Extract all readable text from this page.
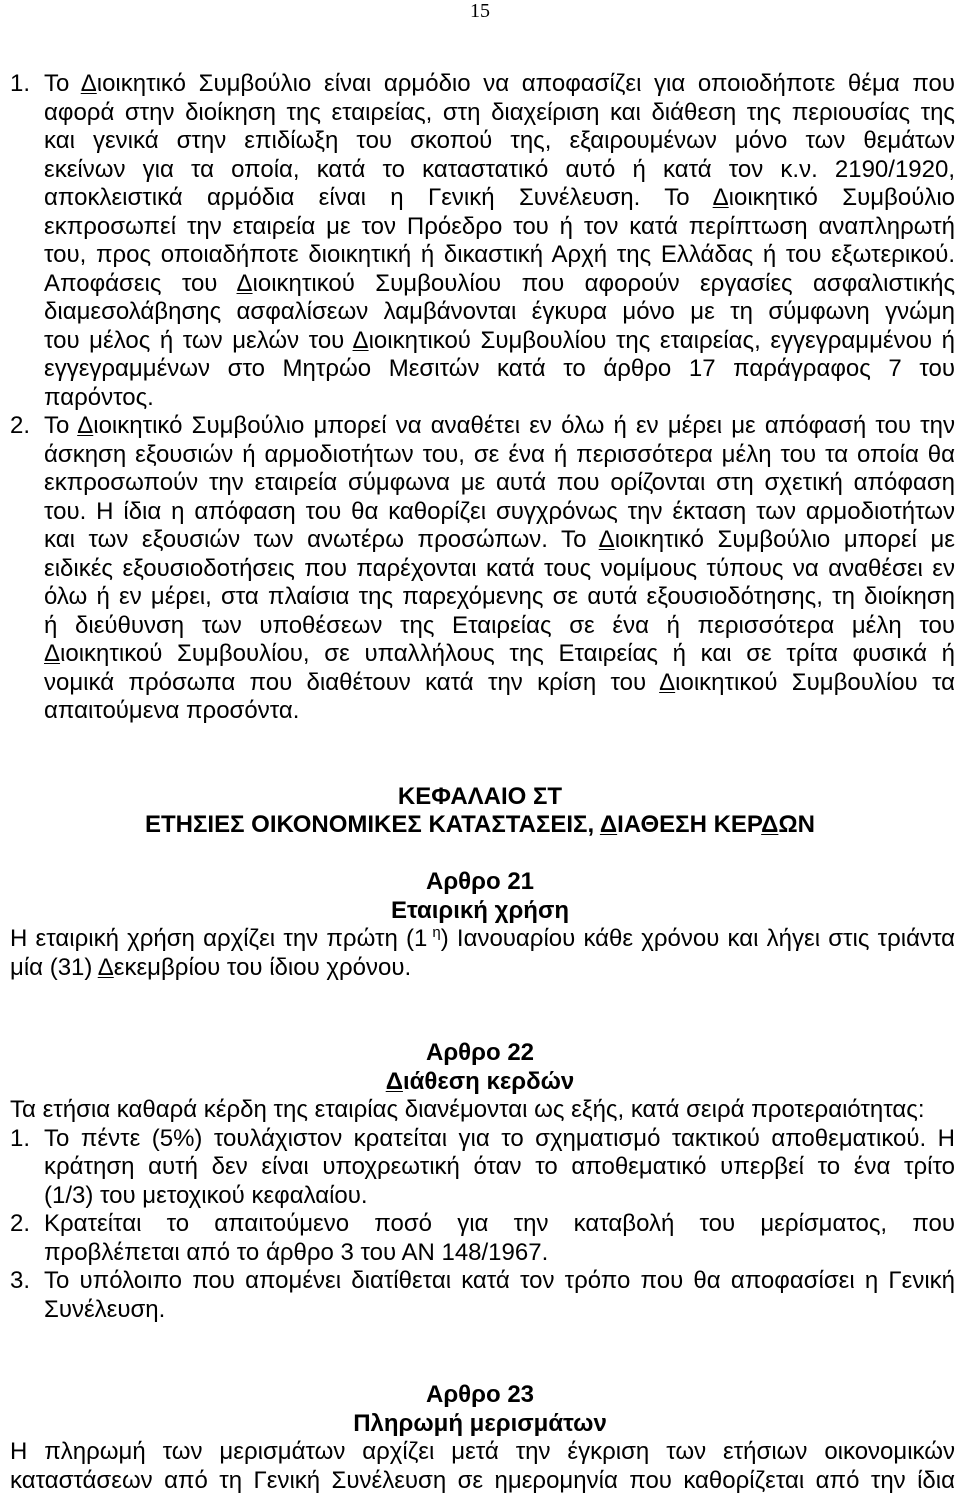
15
1. Το Διοικητικό Συμβούλιο είναι αρμόδιο να αποφασίζει για οποιοδήποτε θέμα που
αφορά στην διοίκηση της εταιρείας, στη διαχείριση και διάθεση της περιουσίας της
και γενικά στην επιδίωξη του σκοπού της, εξαιρουμένων μόνο των θεμάτων
εκείνων για τα οποία, κατά το καταστατικό αυτό ή κατά τον κ.ν. 2190/1920,
αποκλειστικά αρμόδια είναι η Γενική Συνέλευση. Το Διοικητικό Συμβούλιο
εκπροσωπεί την εταιρεία με τον Πρόεδρο του ή τον κατά περίπτωση αναπληρωτή
του, προς οποιαδήποτε διοικητική ή δικαστική Αρχή της Ελλάδας ή του εξωτερικού.
Αποφάσεις του Διοικητικού Συμβουλίου που αφορούν εργασίες ασφαλιστικής
διαμεσολάβησης ασφαλίσεων λαμβάνονται έγκυρα μόνο με τη σύμφωνη γνώμη
του μέλος ή των μελών του Διοικητικού Συμβουλίου της εταιρείας, εγγεγραμμένου ή
εγγεγραμμένων στο Μητρώο Μεσιτών κατά το άρθρο 17 παράγραφος 7 του
παρόντος.
2. Το Διοικητικό Συμβούλιο μπορεί να αναθέτει εν όλω ή εν μέρει με απόφασή του την
άσκηση εξουσιών ή αρμοδιοτήτων του, σε ένα ή περισσότερα μέλη του τα οποία θα
εκπροσωπούν την εταιρεία σύμφωνα με αυτά που ορίζονται στη σχετική απόφαση
του. Η ίδια η απόφαση του θα καθορίζει συγχρόνως την έκταση των αρμοδιοτήτων
και των εξουσιών των ανωτέρω προσώπων. Το Διοικητικό Συμβούλιο μπορεί με
ειδικές εξουσιοδοτήσεις που παρέχονται κατά τους νομίμους τύπους να αναθέσει εν
όλω ή εν μέρει, στα πλαίσια της παρεχόμενης σε αυτά εξουσιοδότησης, τη διοίκηση
ή διεύθυνση των υποθέσεων της Εταιρείας σε ένα ή περισσότερα μέλη του
Διοικητικού Συμβουλίου, σε υπαλλήλους της Εταιρείας ή και σε τρίτα φυσικά ή
νομικά πρόσωπα που διαθέτουν κατά την κρίση του Διοικητικού Συμβουλίου τα
απαιτούμενα προσόντα.
ΚΕΦΑΛΑΙΟ ΣΤ
ΕΤΗΣΙΕΣ ΟΙΚΟΝΟΜΙΚΕΣ ΚΑΤΑΣΤΑΣΕΙΣ, ΔΙΑΘΕΣΗ ΚΕΡΔΩΝ
Αρθρο 21
Εταιρική χρήση
Η εταιρική χρήση αρχίζει την πρώτη (1 $^\eta$) Ιανουαρίου κάθε χρόνου και λήγει στις τριάντα
μία (31) Δεκεμβρίου του ίδιου χρόνου.
Αρθρο 22
Διάθεση κερδών
Τα ετήσια καθαρά κέρδη της εταιρίας διανέμονται ως εξής, κατά σειρά προτεραιότητας:
1. Το πέντε (5%) τουλάχιστον κρατείται για το σχηματισμό τακτικού αποθεματικού. Η
κράτηση αυτή δεν είναι υποχρεωτική όταν το αποθεματικό υπερβεί το ένα τρίτο
(1/3) του μετοχικού κεφαλαίου.
2. Κρατείται το απαιτούμενο ποσό για την καταβολή του μερίσματος, που
προβλέπεται από το άρθρο 3 του ΑΝ 148/1967.
3. Το υπόλοιπο που απομένει διατίθεται κατά τον τρόπο που θα αποφασίσει η Γενική
Συνέλευση.
Αρθρο 23
Πληρωμή μερισμάτων
Η πληρωμή των μερισμάτων αρχίζει μετά την έγκριση των ετήσιων οικονομικών
καταστάσεων από τη Γενική Συνέλευση σε ημερομηνία που καθορίζεται από την ίδια
